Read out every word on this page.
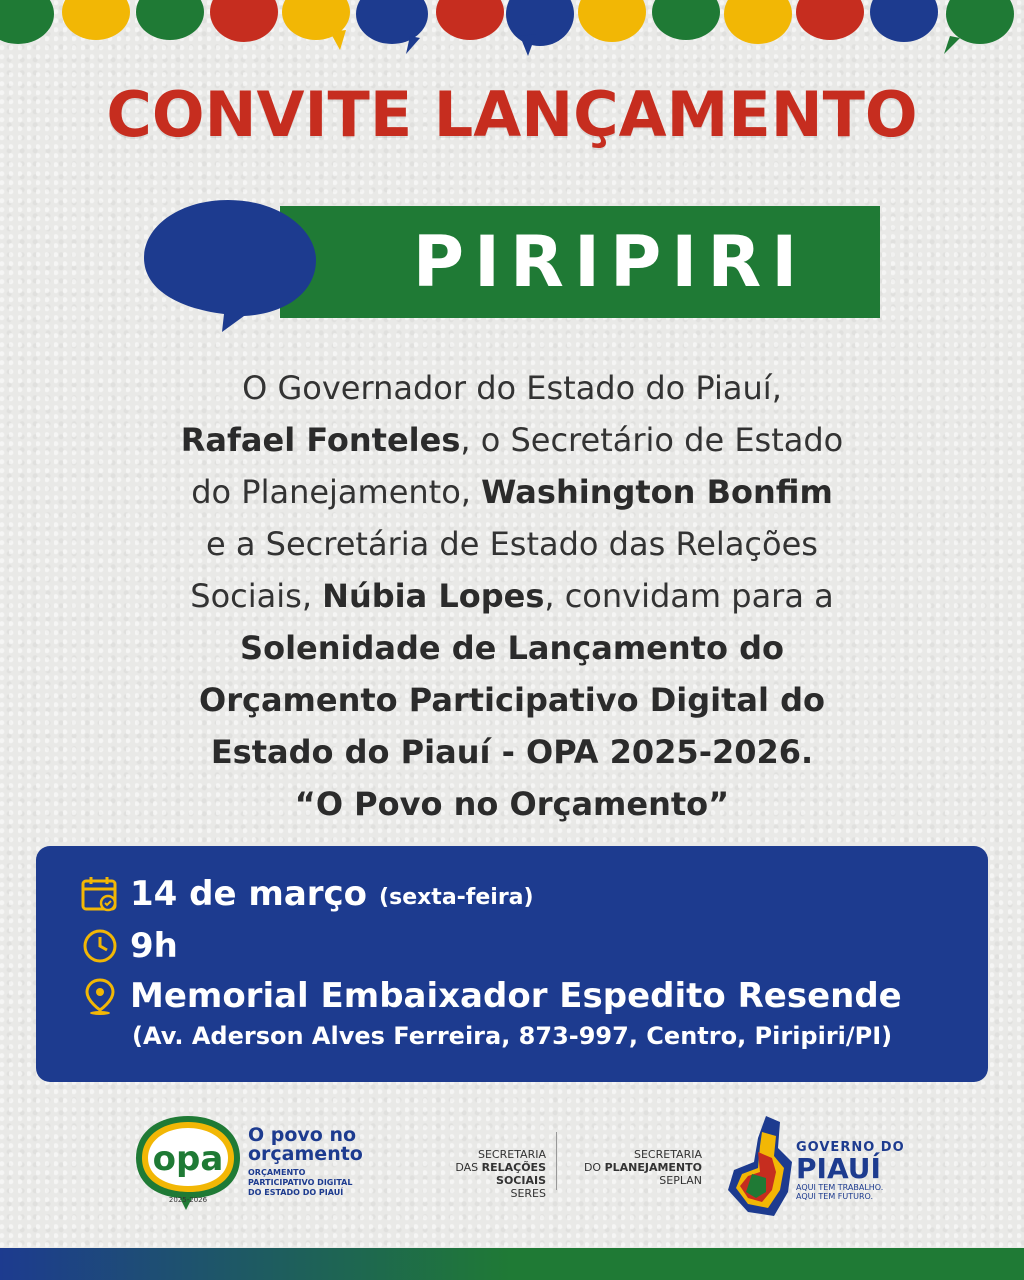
CONVITE LANÇAMENTO
PIRIPIRI
O Governador do Estado do Piauí,
Rafael Fonteles, o Secretário de Estado
do Planejamento, Washington Bonfim
e a Secretária de Estado das Relações
Sociais, Núbia Lopes, convidam para a
Solenidade de Lançamento do
Orçamento Participativo Digital do
Estado do Piauí - OPA 2025-2026.
“O Povo no Orçamento”
14 de março (sexta-feira)
9h
Memorial Embaixador Espedito Resende
(Av. Aderson Alves Ferreira, 873-997, Centro, Piripiri/PI)
opa
2025-2026
O povo no
orçamento
ORÇAMENTO PARTICIPATIVO DIGITAL DO ESTADO DO PIAUÍ
SECRETARIA
DAS RELAÇÕES SOCIAIS
SERES
SECRETARIA
DO PLANEJAMENTO
SEPLAN
GOVERNO DO
PIAUÍ
AQUI TEM TRABALHO.
AQUI TEM FUTURO.
